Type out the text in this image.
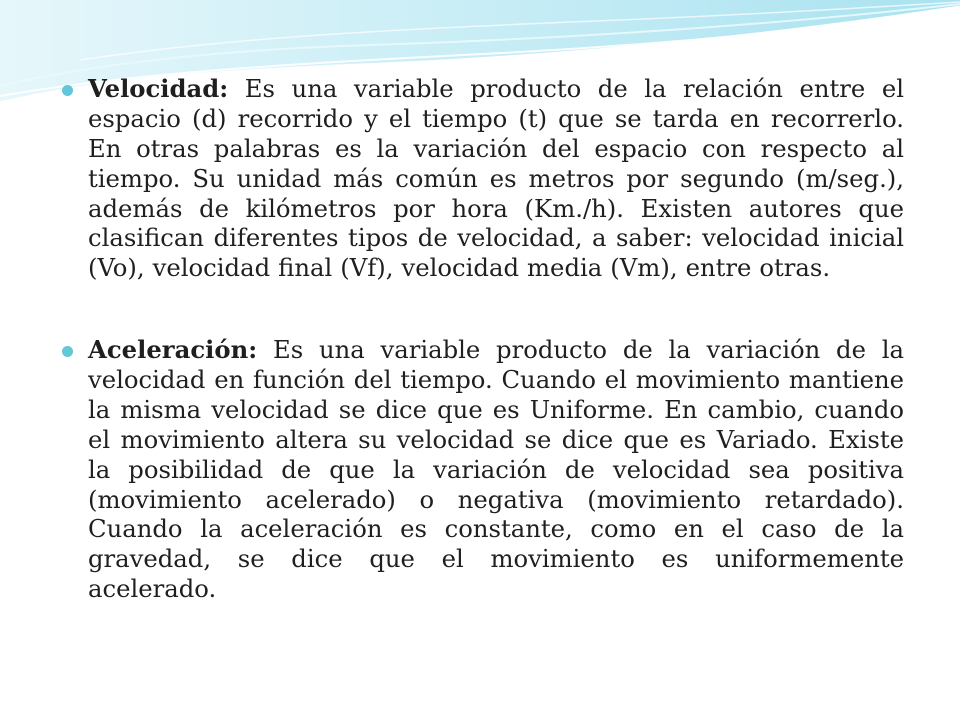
Velocidad: Es una variable producto de la relación entre el espacio (d) recorrido y el tiempo (t) que se tarda en recorrerlo. En otras palabras es la variación del espacio con respecto al tiempo. Su unidad más común es metros por segundo (m/seg.), además de kilómetros por hora (Km./h). Existen autores que clasifican diferentes tipos de velocidad, a saber: velocidad inicial (Vo), velocidad final (Vf), velocidad media (Vm), entre otras.
Aceleración: Es una variable producto de la variación de la velocidad en función del tiempo. Cuando el movimiento mantiene la misma velocidad se dice que es Uniforme. En cambio, cuando el movimiento altera su velocidad se dice que es Variado. Existe la posibilidad de que la variación de velocidad sea positiva (movimiento acelerado) o negativa (movimiento retardado). Cuando la aceleración es constante, como en el caso de la gravedad, se dice que el movimiento es uniformemente acelerado.
